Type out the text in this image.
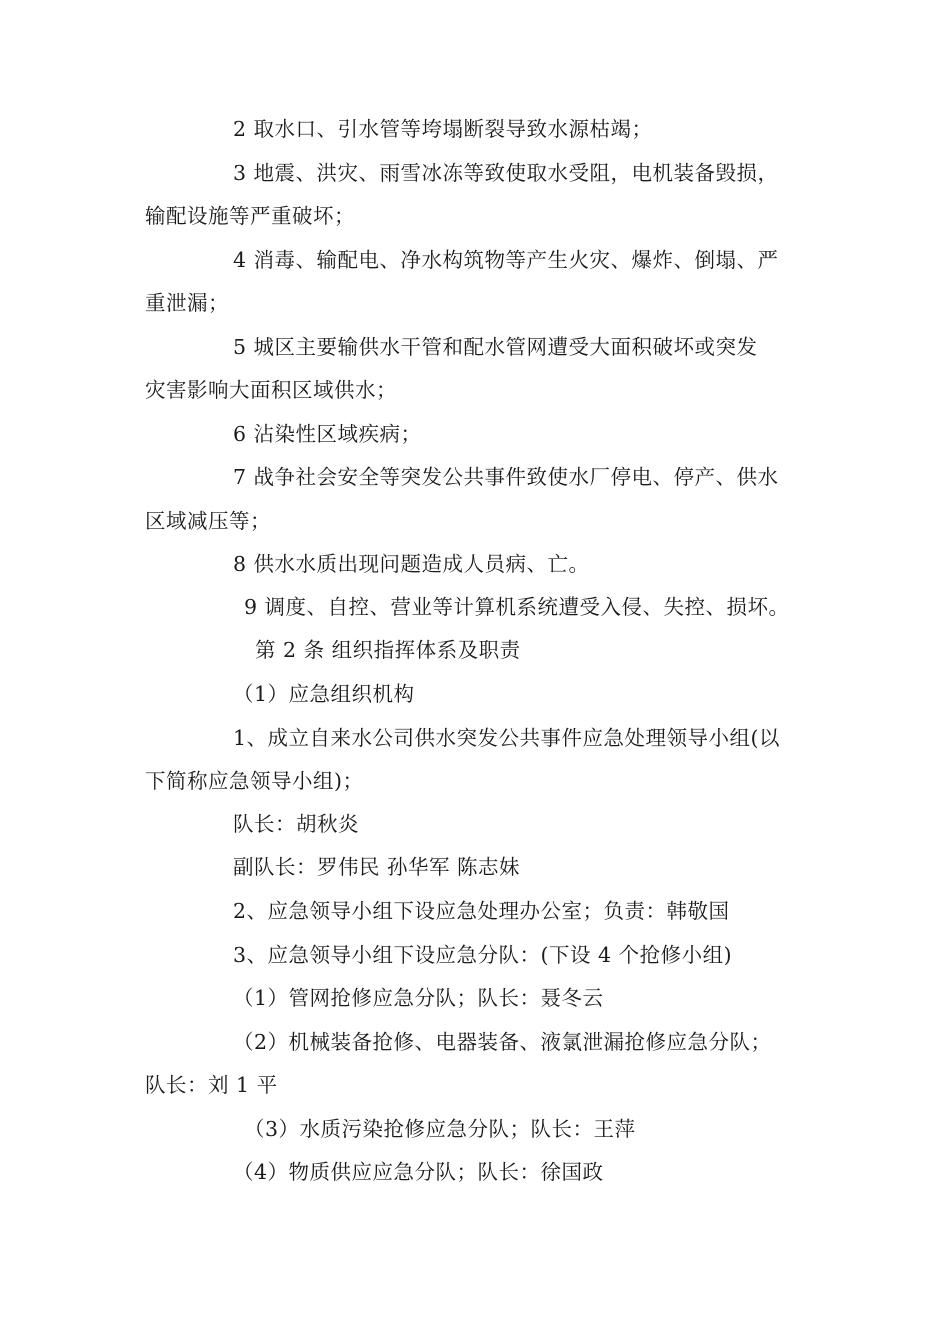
2 取水口、引水管等垮塌断裂导致水源枯竭；
3 地震、洪灾、雨雪冰冻等致使取水受阻，电机装备毁损，
输配设施等严重破坏；
4 消毒、输配电、净水构筑物等产生火灾、爆炸、倒塌、严
重泄漏；
5 城区主要输供水干管和配水管网遭受大面积破坏或突发
灾害影响大面积区域供水；
6 沾染性区域疾病；
7 战争社会安全等突发公共事件致使水厂停电、停产、供水
区域减压等；
8 供水水质出现问题造成人员病、亡。
9 调度、自控、营业等计算机系统遭受入侵、失控、损坏。
第 2 条 组织指挥体系及职责
（1）应急组织机构
1、成立自来水公司供水突发公共事件应急处理领导小组(以
下简称应急领导小组)；
队长：胡秋炎
副队长：罗伟民 孙华军 陈志妹
2、应急领导小组下设应急处理办公室；负责：韩敬国
3、应急领导小组下设应急分队：(下设 4 个抢修小组)
（1）管网抢修应急分队；队长：聂冬云
（2）机械装备抢修、电器装备、液氯泄漏抢修应急分队；
队长：刘 1 平
（3）水质污染抢修应急分队；队长：王萍
（4）物质供应应急分队；队长：徐国政
